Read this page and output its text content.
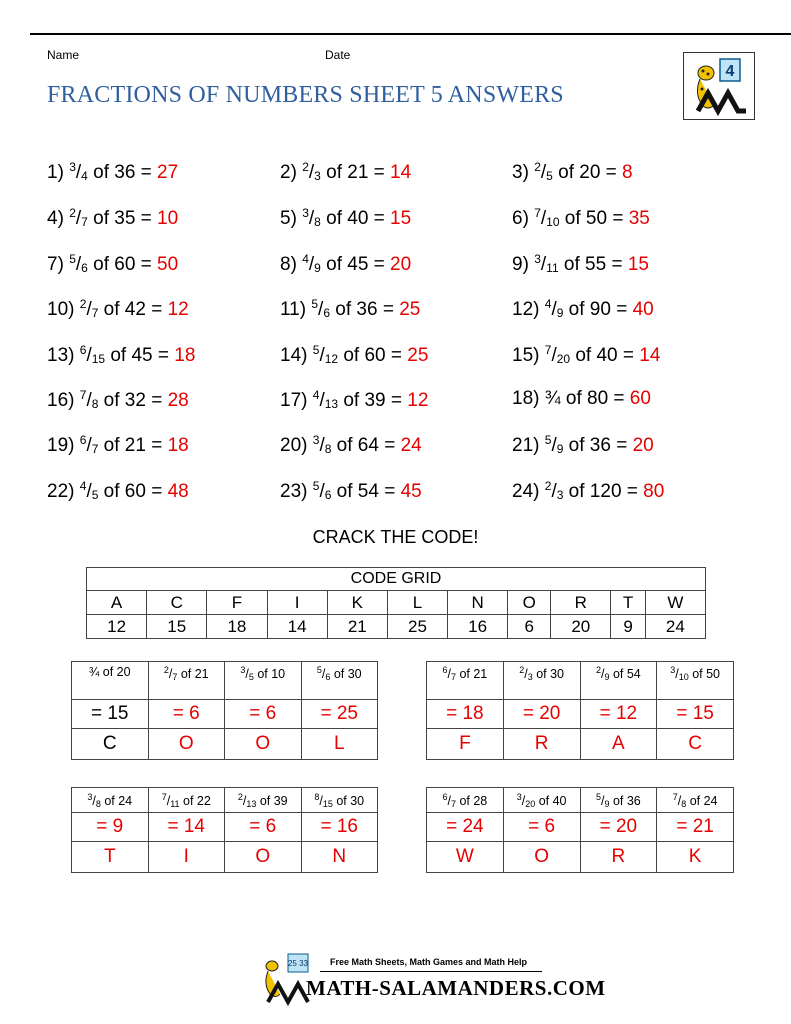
Name	Date
FRACTIONS OF NUMBERS SHEET 5 ANSWERS
4
1) $^3/_4$ of 36 = 27	2) $^2/_3$ of 21 = 14	3) $^2/_5$ of 20 = 8
4) $^2/_7$ of 35 = 10	5) $^3/_8$ of 40 = 15	6) $^7/_{10}$ of 50 = 35
7) $^5/_6$ of 60 = 50	8) $^4/_9$ of 45 = 20	9) $^3/_{11}$ of 55 = 15
10) $^2/_7$ of 42 = 12	11) $^5/_6$ of 36 = 25	12) $^4/_9$ of 90 = 40
13) $^6/_{15}$ of 45 = 18	14) $^5/_{12}$ of 60 = 25	15) $^7/_{20}$ of 40 = 14
16) $^7/_8$ of 32 = 28	17) $^4/_{13}$ of 39 = 12	18) ¾ of 80 = 60
19) $^6/_7$ of 21 = 18	20) $^3/_8$ of 64 = 24	21) $^5/_9$ of 36 = 20
22) $^4/_5$ of 60 = 48	23) $^5/_6$ of 54 = 45	24) $^2/_3$ of 120 = 80
CRACK THE CODE!
CODE GRID										
A	C	F	I	K	L	N	O	R	T	W
12	15	18	14	21	25	16	6	20	9	24
¾ of 20	$^2/_7$ of 21	$^3/_5$ of 10	$^5/_6$ of 30
= 15	= 6	= 6	= 25
C	O	O	L
$^6/_7$ of 21	$^2/_3$ of 30	$^2/_9$ of 54	$^3/_{10}$ of 50
= 18	= 20	= 12	= 15
F	R	A	C
$^3/_8$ of 24	$^7/_{11}$ of 22	$^2/_{13}$ of 39	$^8/_{15}$ of 30
= 9	= 14	= 6	= 16
T	I	O	N
$^6/_7$ of 28	$^3/_{20}$ of 40	$^5/_9$ of 36	$^7/_8$ of 24
= 24	= 6	= 20	= 21
W	O	R	K
25 33 Free Math Sheets, Math Games and Math Help
MATH-SALAMANDERS.COM
